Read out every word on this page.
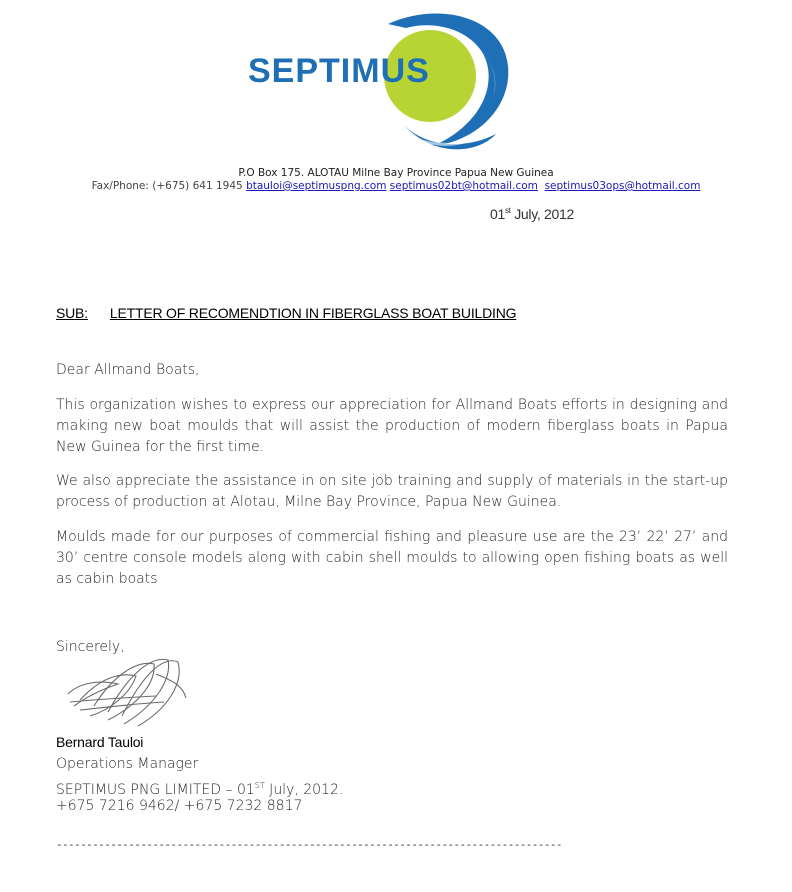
SEPTIMUS
P.O Box 175. ALOTAU Milne Bay Province Papua New Guinea
Fax/Phone: (+675) 641 1945 btauloi@septimuspng.com septimus02bt@hotmail.com septimus03ops@hotmail.com
01st July, 2012
SUB: LETTER OF RECOMENDTION IN FIBERGLASS BOAT BUILDING
Dear Allmand Boats,
This organization wishes to express our appreciation for Allmand Boats efforts in designing and making new boat moulds that will assist the production of modern fiberglass boats in Papua New Guinea for the first time.
We also appreciate the assistance in on site job training and supply of materials in the start-up process of production at Alotau, Milne Bay Province, Papua New Guinea.
Moulds made for our purposes of commercial fishing and pleasure use are the 23’ 22’ 27’ and 30’ centre console models along with cabin shell moulds to allowing open fishing boats as well as cabin boats
Sincerely,
Bernard Tauloi
Operations Manager
SEPTIMUS PNG LIMITED – 01ST July, 2012.
+675 7216 9462/ +675 7232 8817
------------------------------------------------------------------------------------
